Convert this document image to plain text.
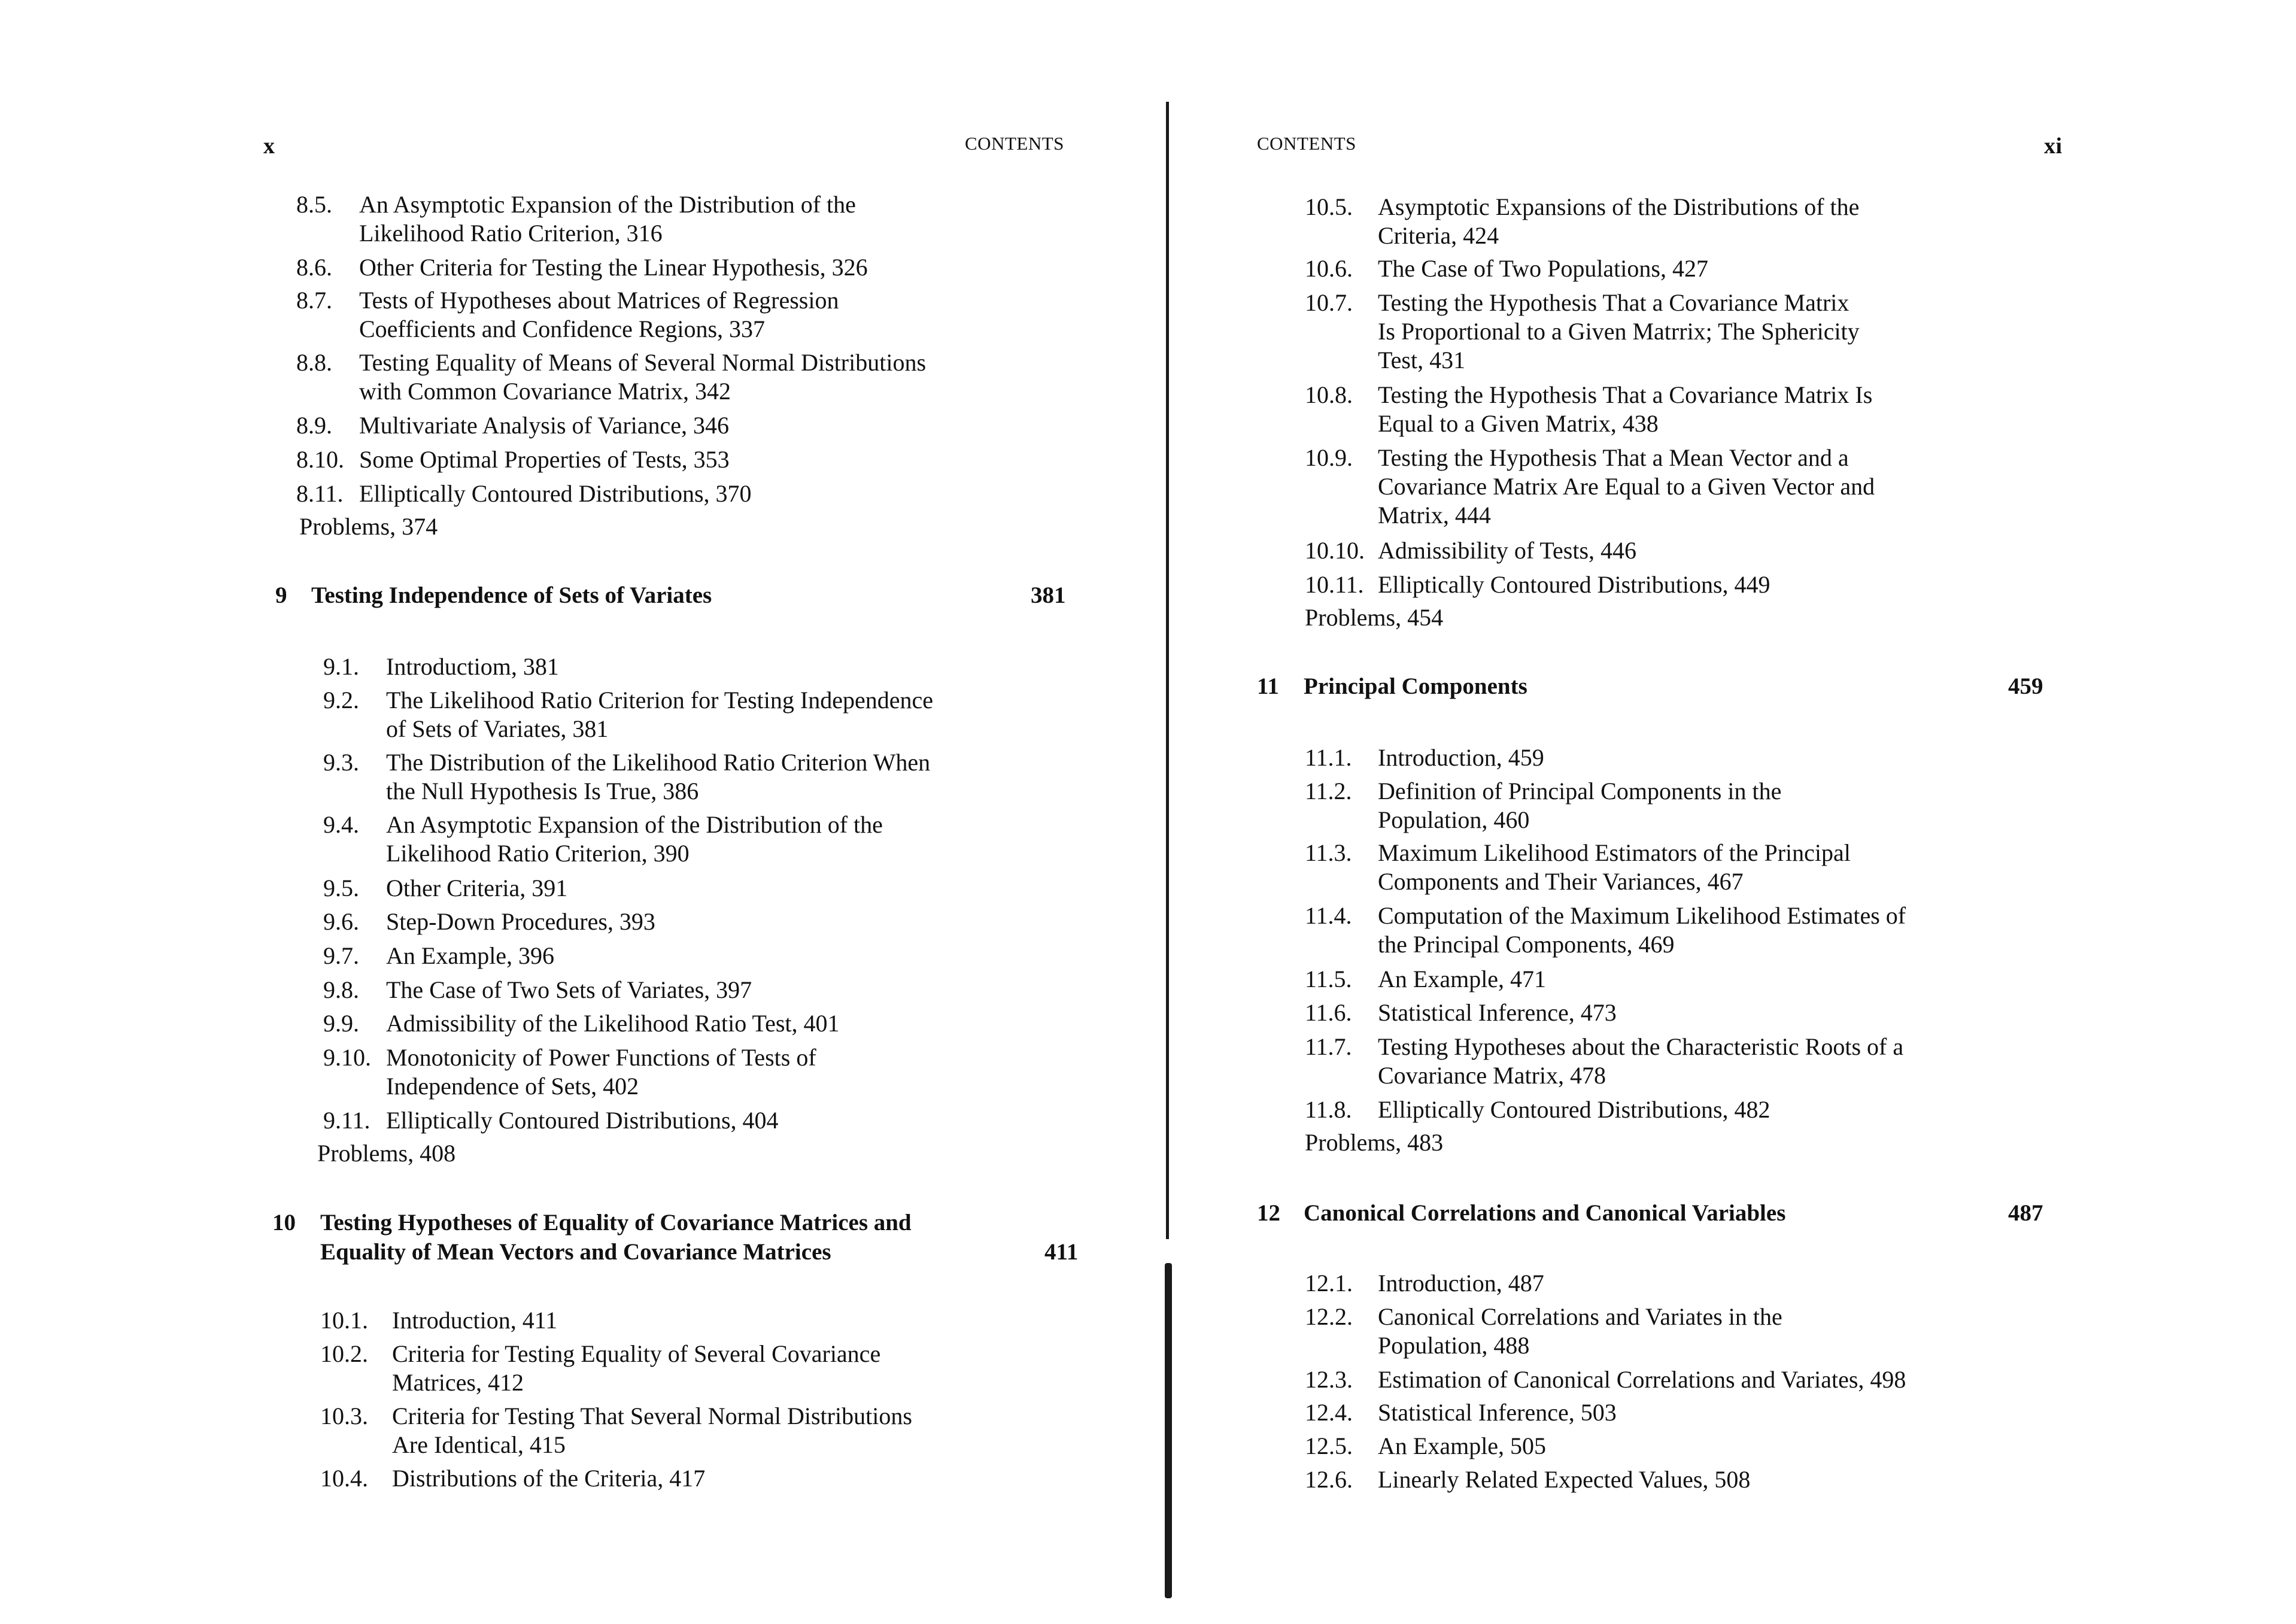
x	CONTENTS
8.5. An Asymptotic Expansion of the Distribution of the
Likelihood Ratio Criterion, 316
8.6. Other Criteria for Testing the Linear Hypothesis, 326
8.7. Tests of Hypotheses about Matrices of Regression
Coefficients and Confidence Regions, 337
8.8. Testing Equality of Means of Several Normal Distributions
with Common Covariance Matrix, 342
8.9. Multivariate Analysis of Variance, 346
8.10. Some Optimal Properties of Tests, 353
8.11. Elliptically Contoured Distributions, 370
Problems, 374
9 Testing Independence of Sets of Variates	381
9.1. Introductiom, 381
9.2. The Likelihood Ratio Criterion for Testing Independence
of Sets of Variates, 381
9.3. The Distribution of the Likelihood Ratio Criterion When
the Null Hypothesis Is True, 386
9.4. An Asymptotic Expansion of the Distribution of the
Likelihood Ratio Criterion, 390
9.5. Other Criteria, 391
9.6. Step-Down Procedures, 393
9.7. An Example, 396
9.8. The Case of Two Sets of Variates, 397
9.9. Admissibility of the Likelihood Ratio Test, 401
9.10. Monotonicity of Power Functions of Tests of
Independence of Sets, 402
9.11. Elliptically Contoured Distributions, 404
Problems, 408
10 Testing Hypotheses of Equality of Covariance Matrices and
Equality of Mean Vectors and Covariance Matrices	411
10.1. Introduction, 411
10.2. Criteria for Testing Equality of Several Covariance
Matrices, 412
10.3. Criteria for Testing That Several Normal Distributions
Are Identical, 415
10.4. Distributions of the Criteria, 417
CONTENTS	xi
10.5. Asymptotic Expansions of the Distributions of the
Criteria, 424
10.6. The Case of Two Populations, 427
10.7. Testing the Hypothesis That a Covariance Matrix
Is Proportional to a Given Matrrix; The Sphericity
Test, 431
10.8. Testing the Hypothesis That a Covariance Matrix Is
Equal to a Given Matrix, 438
10.9. Testing the Hypothesis That a Mean Vector and a
Covariance Matrix Are Equal to a Given Vector and
Matrix, 444
10.10. Admissibility of Tests, 446
10.11. Elliptically Contoured Distributions, 449
Problems, 454
11 Principal Components	459
11.1. Introduction, 459
11.2. Definition of Principal Components in the
Population, 460
11.3. Maximum Likelihood Estimators of the Principal
Components and Their Variances, 467
11.4. Computation of the Maximum Likelihood Estimates of
the Principal Components, 469
11.5. An Example, 471
11.6. Statistical Inference, 473
11.7. Testing Hypotheses about the Characteristic Roots of a
Covariance Matrix, 478
11.8. Elliptically Contoured Distributions, 482
Problems, 483
12 Canonical Correlations and Canonical Variables	487
12.1. Introduction, 487
12.2. Canonical Correlations and Variates in the
Population, 488
12.3. Estimation of Canonical Correlations and Variates, 498
12.4. Statistical Inference, 503
12.5. An Example, 505
12.6. Linearly Related Expected Values, 508
